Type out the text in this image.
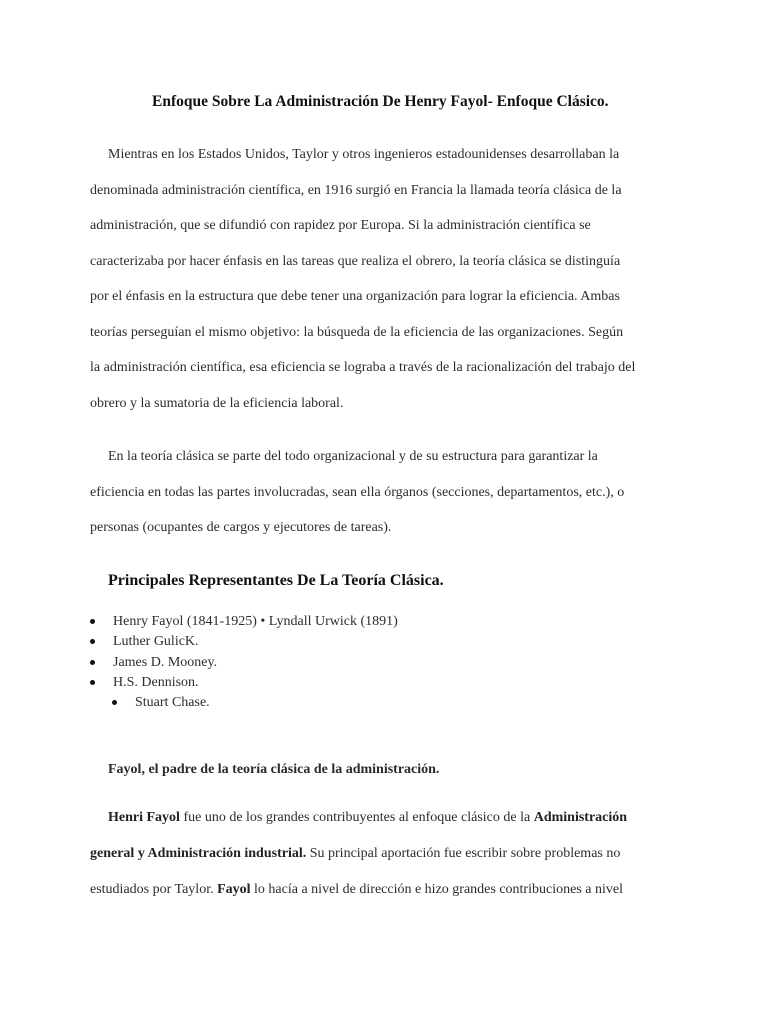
Enfoque Sobre La Administración De Henry Fayol- Enfoque Clásico.

Mientras en los Estados Unidos, Taylor y otros ingenieros estadounidenses desarrollaban la
denominada administración científica, en 1916 surgió en Francia la llamada teoría clásica de la
administración, que se difundió con rapidez por Europa. Si la administración científica se
caracterizaba por hacer énfasis en las tareas que realiza el obrero, la teoría clásica se distinguía
por el énfasis en la estructura que debe tener una organización para lograr la eficiencia. Ambas
teorías perseguían el mismo objetivo: la búsqueda de la eficiencia de las organizaciones. Según
la administración científica, esa eficiencia se lograba a través de la racionalización del trabajo del
obrero y la sumatoria de la eficiencia laboral.

En la teoría clásica se parte del todo organizacional y de su estructura para garantizar la
eficiencia en todas las partes involucradas, sean ella órganos (secciones, departamentos, etc.), o
personas (ocupantes de cargos y ejecutores de tareas).

Principales Representantes De La Teoría Clásica.
Henry Fayol (1841-1925) • Lyndall Urwick (1891)
Luther GulicK.
James D. Mooney.
H.S. Dennison.
Stuart Chase.
Fayol, el padre de la teoría clásica de la administración.

Henri Fayol fue uno de los grandes contribuyentes al enfoque clásico de la Administración
general y Administración industrial. Su principal aportación fue escribir sobre problemas no
estudiados por Taylor. Fayol lo hacía a nivel de dirección e hizo grandes contribuciones a nivel
